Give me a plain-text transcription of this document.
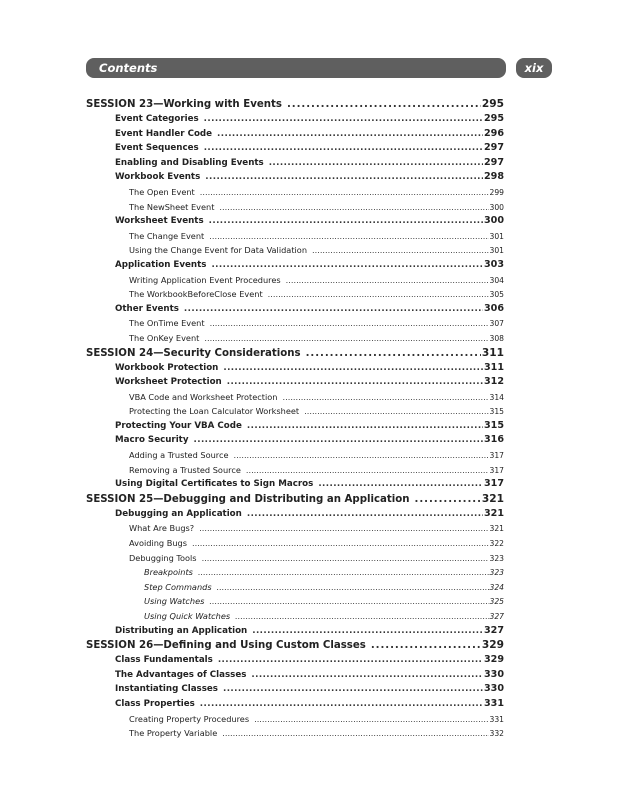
Contents	xix
SESSION 23—Working with Events . . .	295
Event Categories . . .	295
Event Handler Code . . .	296
Event Sequences . . .	297
Enabling and Disabling Events . . .	297
Workbook Events . . .	298
The Open Event . . .	299
The NewSheet Event . . .	300
Worksheet Events . . .	300
The Change Event . . .	301
Using the Change Event for Data Validation . . .	301
Application Events . . .	303
Writing Application Event Procedures . . .	304
The WorkbookBeforeClose Event . . .	305
Other Events . . .	306
The OnTime Event . . .	307
The OnKey Event . . .	308
SESSION 24—Security Considerations . . .	311
Workbook Protection . . .	311
Worksheet Protection . . .	312
VBA Code and Worksheet Protection . . .	314
Protecting the Loan Calculator Worksheet . . .	315
Protecting Your VBA Code . . .	315
Macro Security . . .	316
Adding a Trusted Source . . .	317
Removing a Trusted Source . . .	317
Using Digital Certificates to Sign Macros . . .	317
SESSION 25—Debugging and Distributing an Application . . .	321
Debugging an Application . . .	321
What Are Bugs? . . .	321
Avoiding Bugs . . .	322
Debugging Tools . . .	323
Breakpoints . . .	323
Step Commands . . .	324
Using Watches . . .	325
Using Quick Watches . . .	327
Distributing an Application . . .	327
SESSION 26—Defining and Using Custom Classes . . .	329
Class Fundamentals . . .	329
The Advantages of Classes . . .	330
Instantiating Classes . . .	330
Class Properties . . .	331
Creating Property Procedures . . .	331
The Property Variable . . .	332
